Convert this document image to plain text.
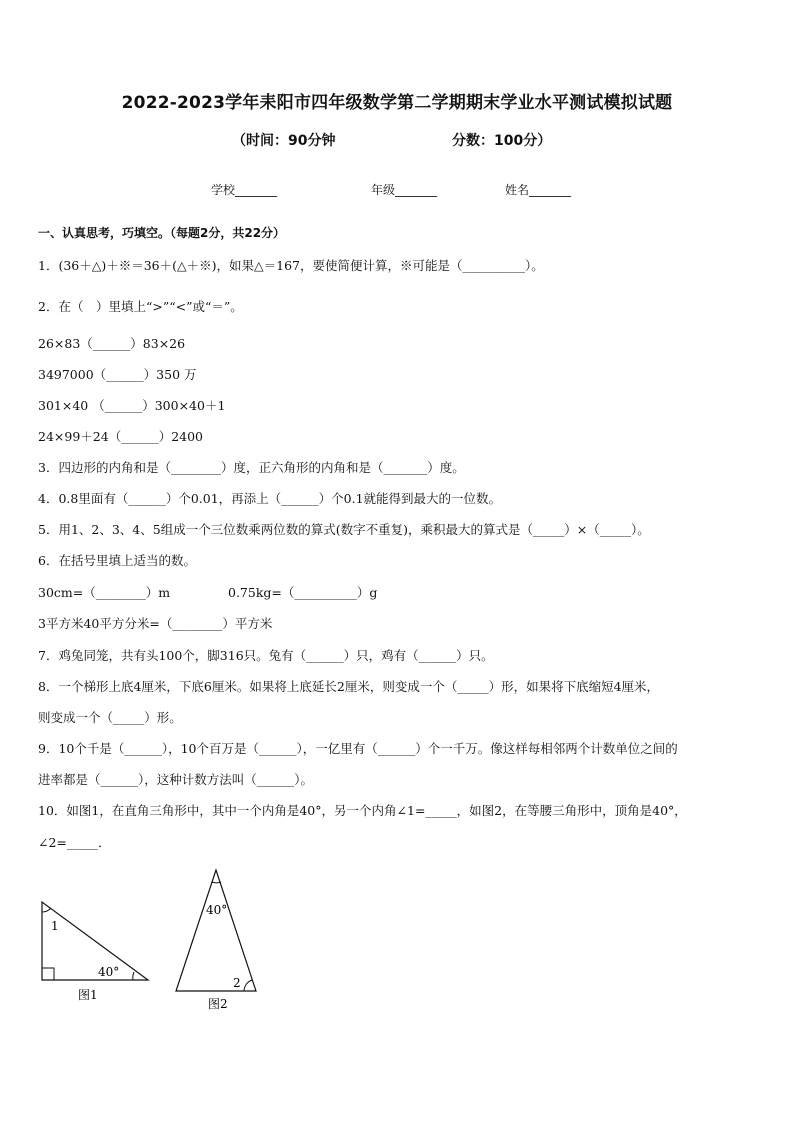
2022-2023学年耒阳市四年级数学第二学期期末学业水平测试模拟试题
（时间：90分钟	分数：100分）
学校_______	年级_______	姓名_______
一、认真思考，巧填空。（每题2分，共22分）
1．(36＋△)＋※＝36＋(△＋※)，如果△＝167，要使简便计算，※可能是（__________）。
2．在（　）里填上“>”“<”或“＝”。
26×83（______）83×26
3497000（______）350 万
301×40 （______）300×40＋1
24×99＋24（______）2400
3．四边形的内角和是（________）度，正六角形的内角和是（_______）度。
4．0.8里面有（______）个0.01，再添上（______）个0.1就能得到最大的一位数。
5．用1、2、3、4、5组成一个三位数乘两位数的算式(数字不重复)，乘积最大的算式是（_____）×（_____）。
6．在括号里填上适当的数。
30cm=（________）m	0.75kg=（__________）g
3平方米40平方分米=（________）平方米
7．鸡兔同笼，共有头100个，脚316只。兔有（______）只，鸡有（______）只。
8．一个梯形上底4厘米，下底6厘米。如果将上底延长2厘米，则变成一个（_____）形，如果将下底缩短4厘米，
则变成一个（_____）形。
9．10个千是（______），10个百万是（______），一亿里有（______）个一千万。像这样每相邻两个计数单位之间的
进率都是（______），这种计数方法叫（______）。
10．如图1，在直角三角形中，其中一个内角是40°，另一个内角∠1=_____，如图2，在等腰三角形中，顶角是40°，
∠2=_____．
1
40°
图1
40°
2
图2
